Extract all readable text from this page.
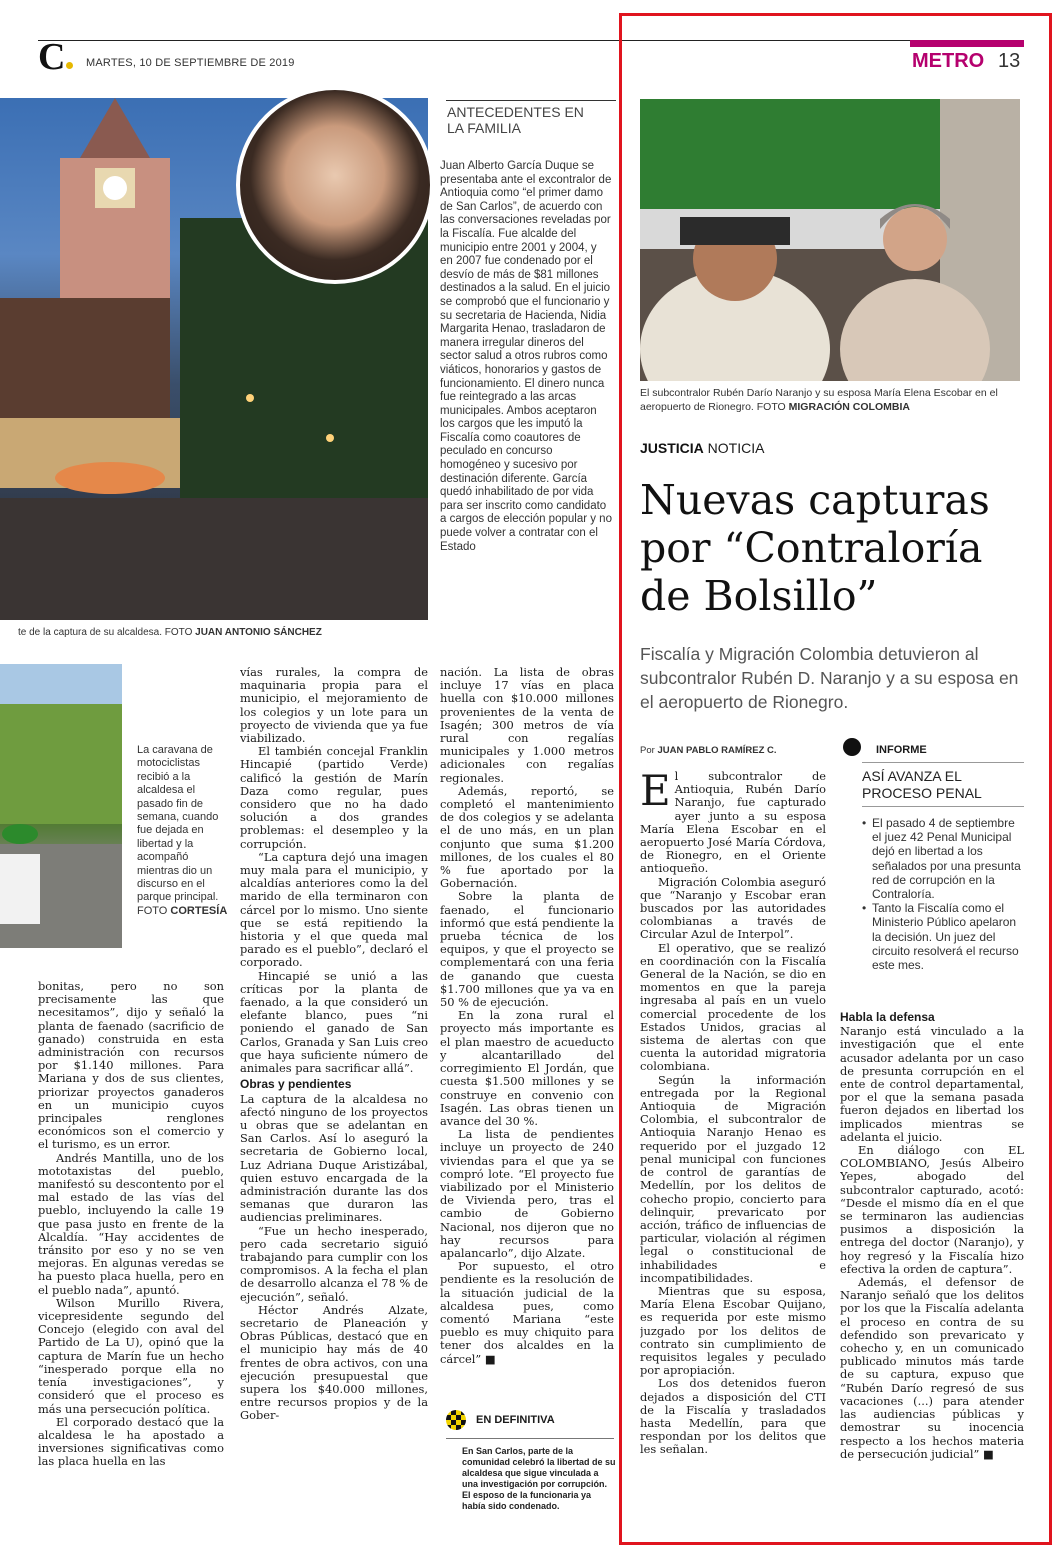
C	MARTES, 10 DE SEPTIEMBRE DE 2019	METRO 13
te de la captura de su alcaldesa. FOTO JUAN ANTONIO SÁNCHEZ
La caravana de motociclistas recibió a la alcaldesa el pasado fin de semana, cuando fue dejada en libertad y la acompañó mientras dio un discurso en el parque principal. FOTO CORTESÍA
ANTECEDENTES EN LA FAMILIA
Juan Alberto García Duque se presentaba ante el excontralor de Antioquia como “el primer damo de San Carlos”, de acuerdo con las conversaciones reveladas por la Fiscalía. Fue alcalde del municipio entre 2001 y 2004, y en 2007 fue condenado por el desvío de más de $81 millones destinados a la salud. En el juicio se comprobó que el funcionario y su secretaria de Hacienda, Nidia Margarita Henao, trasladaron de manera irregular dineros del sector salud a otros rubros como viáticos, honorarios y gastos de funcionamiento. El dinero nunca fue reintegrado a las arcas municipales. Ambos aceptaron los cargos que les imputó la Fiscalía como coautores de peculado en concurso homogéneo y sucesivo por destinación diferente. García quedó inhabilitado de por vida para ser inscrito como candidato a cargos de elección popular y no puede volver a contratar con el Estado

bonitas, pero no son precisamente las que necesitamos”, dijo y señaló la planta de faenado (sacrificio de ganado) construida en esta administración con recursos por $1.140 millones. Para Mariana y dos de sus clientes, priorizar proyectos ganaderos en un municipio cuyos principales renglones económicos son el comercio y el turismo, es un error.

Andrés Mantilla, uno de los mototaxistas del pueblo, manifestó su descontento por el mal estado de las vías del pueblo, incluyendo la calle 19 que pasa justo en frente de la Alcaldía. “Hay accidentes de tránsito por eso y no se ven mejoras. En algunas veredas se ha puesto placa huella, pero en el pueblo nada”, apuntó.

Wilson Murillo Rivera, vicepresidente segundo del Concejo (elegido con aval del Partido de La U), opinó que la captura de Marín fue un hecho “inesperado porque ella no tenía investigaciones”, y consideró que el proceso es más una persecución política.

El corporado destacó que la alcaldesa le ha apostado a inversiones significativas como las placa huella en las

vías rurales, la compra de maquinaria propia para el municipio, el mejoramiento de los colegios y un lote para un proyecto de vivienda que ya fue viabilizado.

El también concejal Franklin Hincapié (partido Verde) calificó la gestión de Marín Daza como regular, pues considero que no ha dado solución a dos grandes problemas: el desempleo y la corrupción.

“La captura dejó una imagen muy mala para el municipio, y alcaldías anteriores como la del marido de ella terminaron con cárcel por lo mismo. Uno siente que se está repitiendo la historia y el que queda mal parado es el pueblo”, declaró el corporado.

Hincapié se unió a las críticas por la planta de faenado, a la que consideró un elefante blanco, pues “ni poniendo el ganado de San Carlos, Granada y San Luis creo que haya suficiente número de animales para sacrificar allá”.

Obras y pendientes

La captura de la alcaldesa no afectó ninguno de los proyectos u obras que se adelantan en San Carlos. Así lo aseguró la secretaria de Gobierno local, Luz Adriana Duque Aristizábal, quien estuvo encargada de la administración durante las dos semanas que duraron las audiencias preliminares.

“Fue un hecho inesperado, pero cada secretario siguió trabajando para cumplir con los compromisos. A la fecha el plan de desarrollo alcanza el 78 % de ejecución”, señaló.

Héctor Andrés Alzate, secretario de Planeación y Obras Públicas, destacó que en el municipio hay más de 40 frentes de obra activos, con una ejecución presupuestal que supera los $40.000 millones, entre recursos propios y de la Gober-

nación. La lista de obras incluye 17 vías en placa huella con $10.000 millones provenientes de la venta de Isagén; 300 metros de vía rural con regalías municipales y 1.000 metros adicionales con regalías regionales.

Además, reportó, se completó el mantenimiento de dos colegios y se adelanta el de uno más, en un plan conjunto que suma $1.200 millones, de los cuales el 80 % fue aportado por la Gobernación.

Sobre la planta de faenado, el funcionario informó que está pendiente la prueba técnica de los equipos, y que el proyecto se complementará con una feria de ganando que cuesta $1.700 millones que ya va en 50 % de ejecución.

En la zona rural el proyecto más importante es el plan maestro de acueducto y alcantarillado del corregimiento El Jordán, que cuesta $1.500 millones y se construye en convenio con Isagén. Las obras tienen un avance del 30 %.

La lista de pendientes incluye un proyecto de 240 viviendas para el que ya se compró lote. “El proyecto fue viabilizado por el Ministerio de Vivienda pero, tras el cambio de Gobierno Nacional, nos dijeron que no hay recursos para apalancarlo”, dijo Alzate.

Por supuesto, el otro pendiente es la resolución de la situación judicial de la alcaldesa pues, como comentó Mariana “este pueblo es muy chiquito para tener dos alcaldes en la cárcel” ■

EN DEFINITIVA
En San Carlos, parte de la comunidad celebró la libertad de su alcaldesa que sigue vinculada a una investigación por corrupción. El esposo de la funcionaria ya había sido condenado.
El subcontralor Rubén Darío Naranjo y su esposa María Elena Escobar en el aeropuerto de Rionegro. FOTO MIGRACIÓN COLOMBIA
JUSTICIA NOTICIA
Nuevas capturas por “Contraloría de Bolsillo”
Fiscalía y Migración Colombia detuvieron al subcontralor Rubén D. Naranjo y a su esposa en el aeropuerto de Rionegro.
Por JUAN PABLO RAMÍREZ C.

El subcontralor de Antioquia, Rubén Darío Naranjo, fue capturado ayer junto a su esposa María Elena Escobar en el aeropuerto José María Córdova, de Rionegro, en el Oriente antioqueño.

Migración Colombia aseguró que “Naranjo y Escobar eran buscados por las autoridades colombianas a través de Circular Azul de Interpol”.

El operativo, que se realizó en coordinación con la Fiscalía General de la Nación, se dio en momentos en que la pareja ingresaba al país en un vuelo comercial procedente de los Estados Unidos, gracias al sistema de alertas con que cuenta la autoridad migratoria colombiana.

Según la información entregada por la Regional Antioquia de Migración Colombia, el subcontralor de Antioquia Naranjo Henao es requerido por el juzgado 12 penal municipal con funciones de control de garantías de Medellín, por los delitos de cohecho propio, concierto para delinquir, prevaricato por acción, tráfico de influencias de particular, violación al régimen legal o constitucional de inhabilidades e incompatibilidades.

Mientras que su esposa, María Elena Escobar Quijano, es requerida por este mismo juzgado por los delitos de contrato sin cumplimiento de requisitos legales y peculado por apropiación.

Los dos detenidos fueron dejados a disposición del CTI de la Fiscalía y trasladados hasta Medellín, para que respondan por los delitos que les señalan.

INFORME
ASÍ AVANZA EL PROCESO PENAL
• El pasado 4 de septiembre el juez 42 Penal Municipal dejó en libertad a los señalados por una presunta red de corrupción en la Contraloría.
• Tanto la Fiscalía como el Ministerio Público apelaron la decisión. Un juez del circuito resolverá el recurso este mes.
Habla la defensa

Naranjo está vinculado a la investigación que el ente acusador adelanta por un caso de presunta corrupción en el ente de control departamental, por el que la semana pasada fueron dejados en libertad los implicados mientras se adelanta el juicio.

En diálogo con EL COLOMBIANO, Jesús Albeiro Yepes, abogado del subcontralor capturado, acotó: “Desde el mismo día en el que se terminaron las audiencias pusimos a disposición la entrega del doctor (Naranjo), y hoy regresó y la Fiscalía hizo efectiva la orden de captura”.

Además, el defensor de Naranjo señaló que los delitos por los que la Fiscalía adelanta el proceso en contra de su defendido son prevaricato y cohecho y, en un comunicado publicado minutos más tarde de su captura, expuso que “Rubén Darío regresó de sus vacaciones (...) para atender las audiencias públicas y demostrar su inocencia respecto a los hechos materia de persecución judicial” ■
